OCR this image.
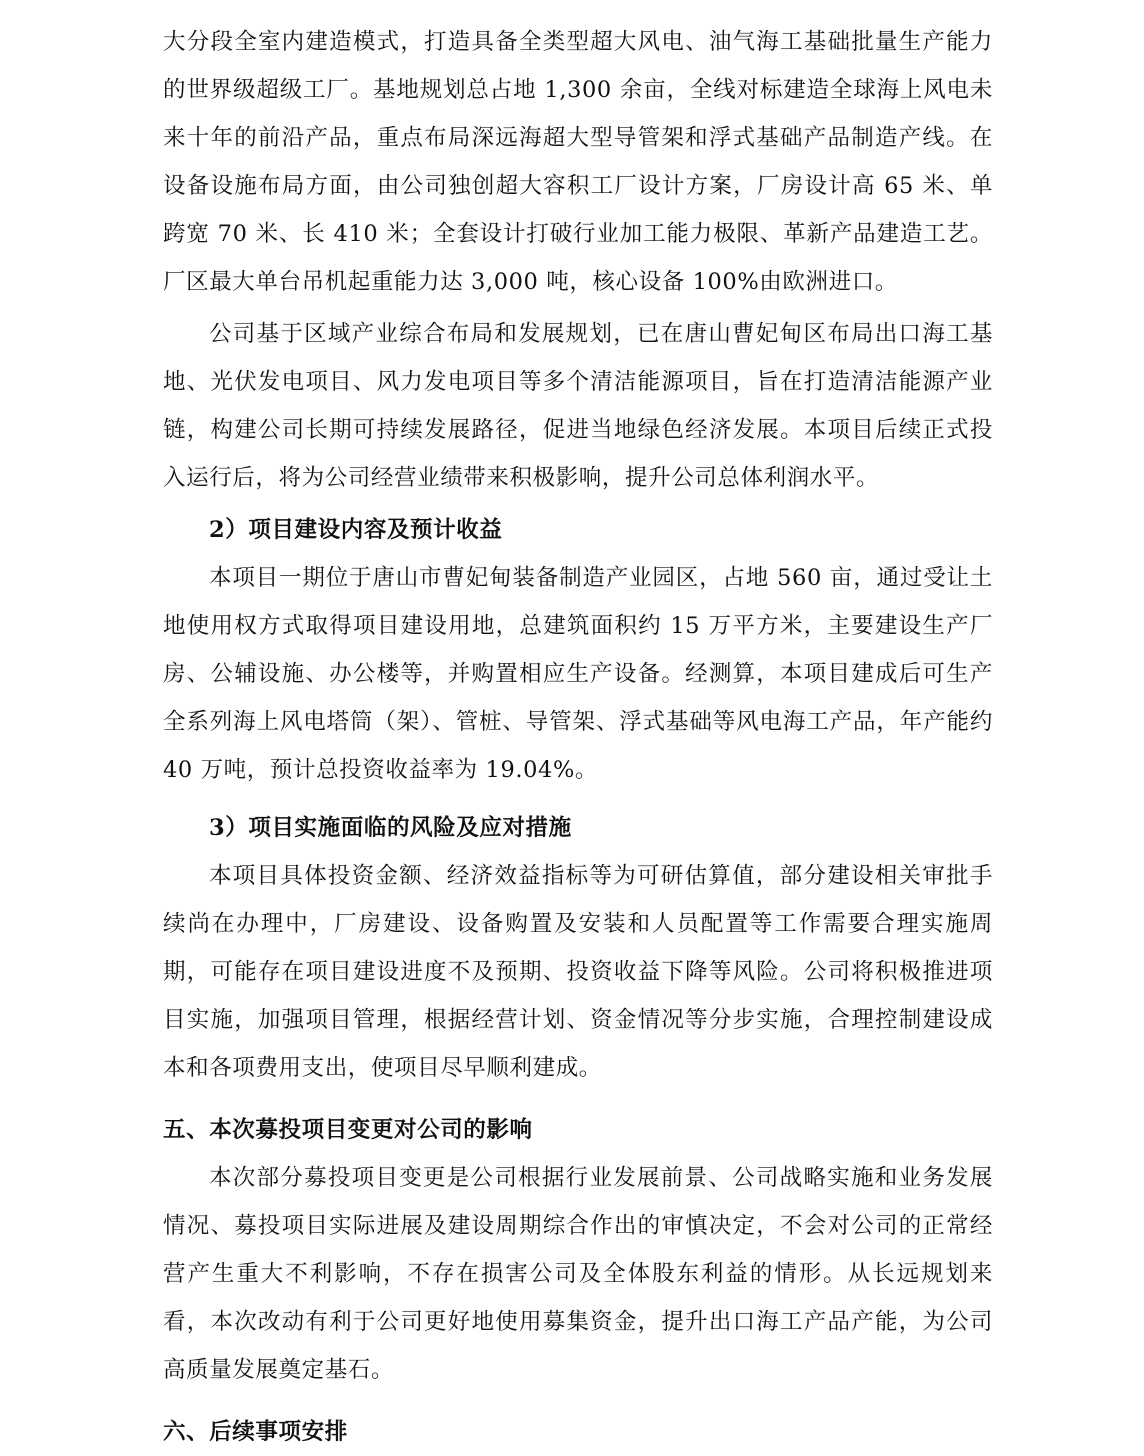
大分段全室内建造模式，打造具备全类型超大风电、油气海工基础批量生产能力的世界级超级工厂。基地规划总占地 1,300 余亩，全线对标建造全球海上风电未来十年的前沿产品，重点布局深远海超大型导管架和浮式基础产品制造产线。在设备设施布局方面，由公司独创超大容积工厂设计方案，厂房设计高 65 米、单跨宽 70 米、长 410 米；全套设计打破行业加工能力极限、革新产品建造工艺。厂区最大单台吊机起重能力达 3,000 吨，核心设备 100%由欧洲进口。

公司基于区域产业综合布局和发展规划，已在唐山曹妃甸区布局出口海工基地、光伏发电项目、风力发电项目等多个清洁能源项目，旨在打造清洁能源产业链，构建公司长期可持续发展路径，促进当地绿色经济发展。本项目后续正式投入运行后，将为公司经营业绩带来积极影响，提升公司总体利润水平。

2）项目建设内容及预计收益

本项目一期位于唐山市曹妃甸装备制造产业园区，占地 560 亩，通过受让土地使用权方式取得项目建设用地，总建筑面积约 15 万平方米，主要建设生产厂房、公辅设施、办公楼等，并购置相应生产设备。经测算，本项目建成后可生产全系列海上风电塔筒（架）、管桩、导管架、浮式基础等风电海工产品，年产能约 40 万吨，预计总投资收益率为 19.04%。

3）项目实施面临的风险及应对措施

本项目具体投资金额、经济效益指标等为可研估算值，部分建设相关审批手续尚在办理中，厂房建设、设备购置及安装和人员配置等工作需要合理实施周期，可能存在项目建设进度不及预期、投资收益下降等风险。公司将积极推进项目实施，加强项目管理，根据经营计划、资金情况等分步实施，合理控制建设成本和各项费用支出，使项目尽早顺利建成。

五、本次募投项目变更对公司的影响

本次部分募投项目变更是公司根据行业发展前景、公司战略实施和业务发展情况、募投项目实际进展及建设周期综合作出的审慎决定，不会对公司的正常经营产生重大不利影响，不存在损害公司及全体股东利益的情形。从长远规划来看，本次改动有利于公司更好地使用募集资金，提升出口海工产品产能，为公司高质量发展奠定基石。

六、后续事项安排
